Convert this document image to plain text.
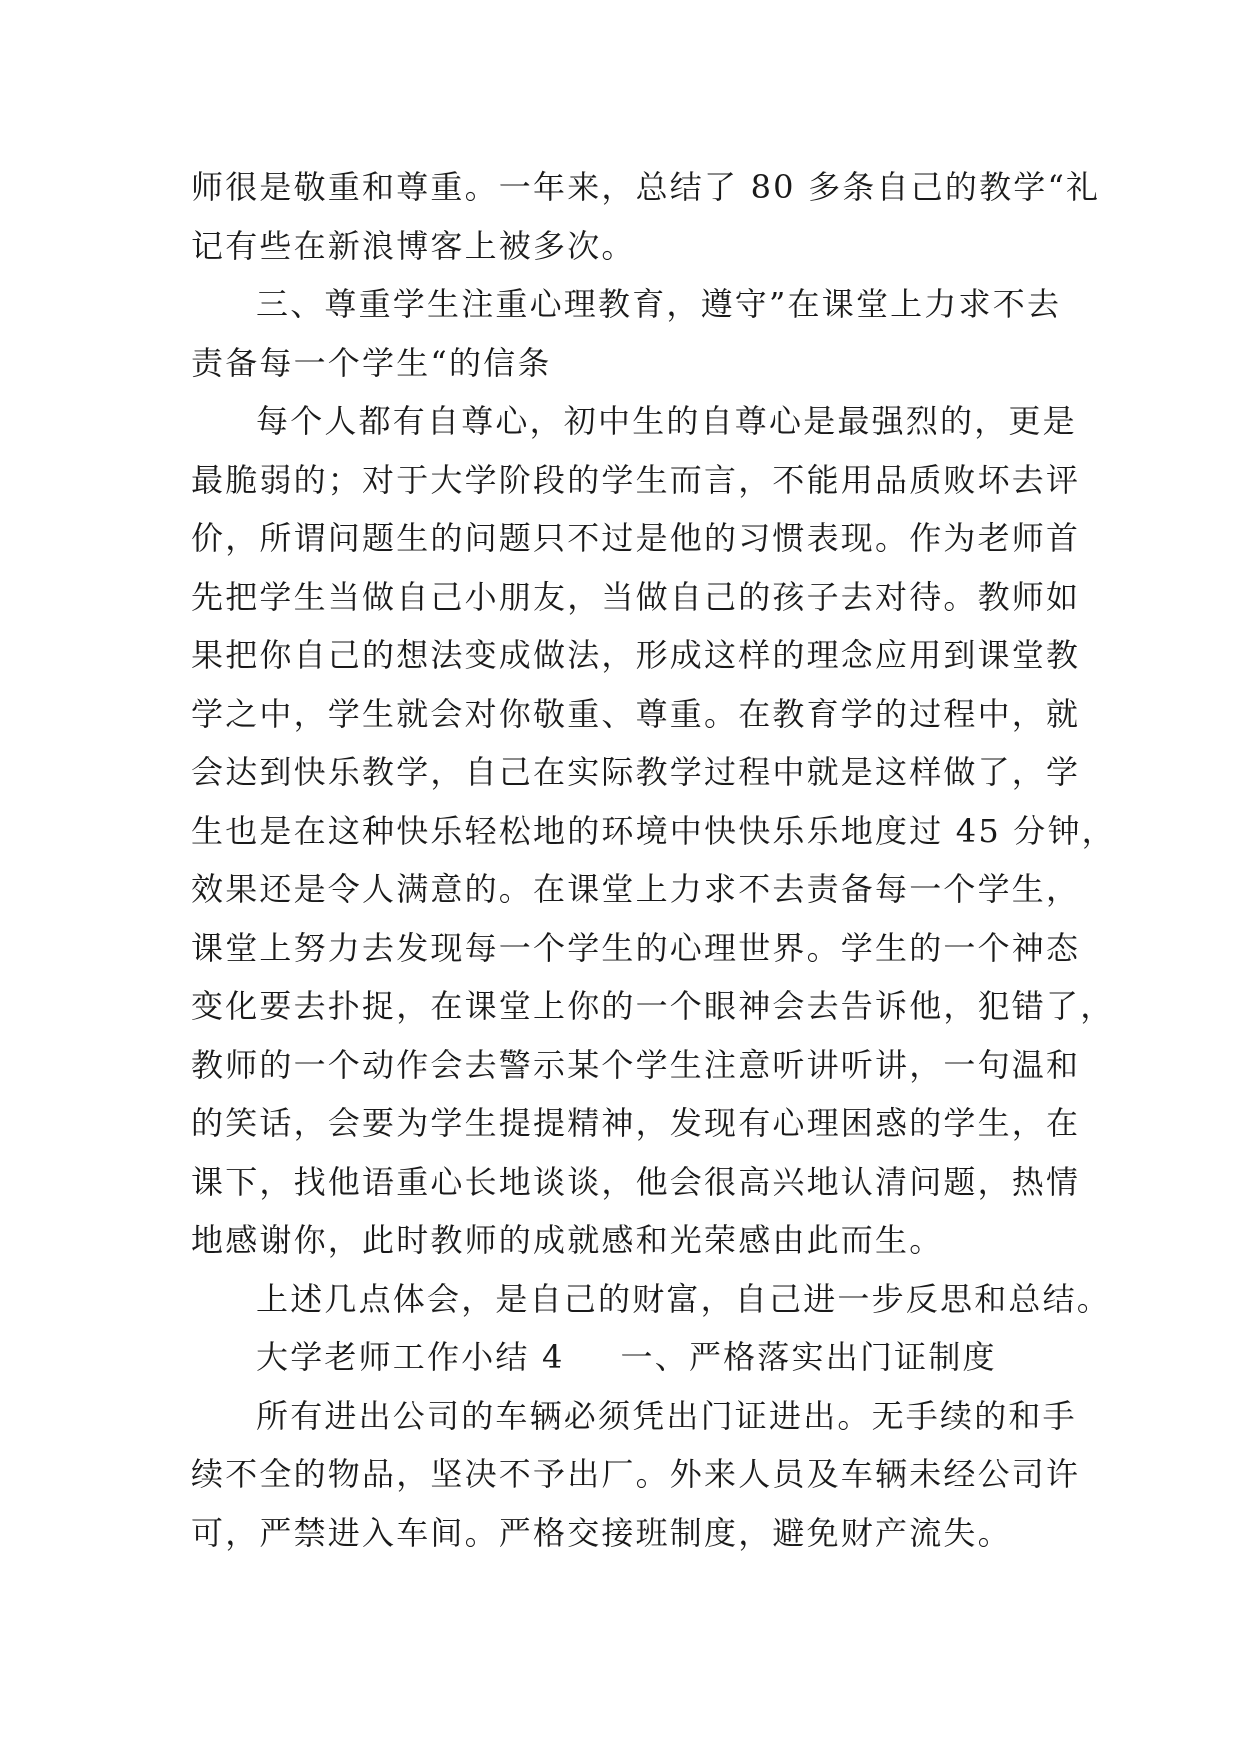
师很是敬重和尊重。一年来，总结了 80 多条自己的教学“礼
记有些在新浪博客上被多次。
三、尊重学生注重心理教育，遵守”在课堂上力求不去
责备每一个学生“的信条
每个人都有自尊心，初中生的自尊心是最强烈的，更是
最脆弱的；对于大学阶段的学生而言，不能用品质败坏去评
价，所谓问题生的问题只不过是他的习惯表现。作为老师首
先把学生当做自己小朋友，当做自己的孩子去对待。教师如
果把你自己的想法变成做法，形成这样的理念应用到课堂教
学之中，学生就会对你敬重、尊重。在教育学的过程中，就
会达到快乐教学，自己在实际教学过程中就是这样做了，学
生也是在这种快乐轻松地的环境中快快乐乐地度过 45 分钟，
效果还是令人满意的。在课堂上力求不去责备每一个学生，
课堂上努力去发现每一个学生的心理世界。学生的一个神态
变化要去扑捉，在课堂上你的一个眼神会去告诉他，犯错了，
教师的一个动作会去警示某个学生注意听讲听讲，一句温和
的笑话，会要为学生提提精神，发现有心理困惑的学生，在
课下，找他语重心长地谈谈，他会很高兴地认清问题，热情
地感谢你，此时教师的成就感和光荣感由此而生。
上述几点体会，是自己的财富，自己进一步反思和总结。
大学老师工作小结 4 一、严格落实出门证制度
所有进出公司的车辆必须凭出门证进出。无手续的和手
续不全的物品，坚决不予出厂。外来人员及车辆未经公司许
可，严禁进入车间。严格交接班制度，避免财产流失。
